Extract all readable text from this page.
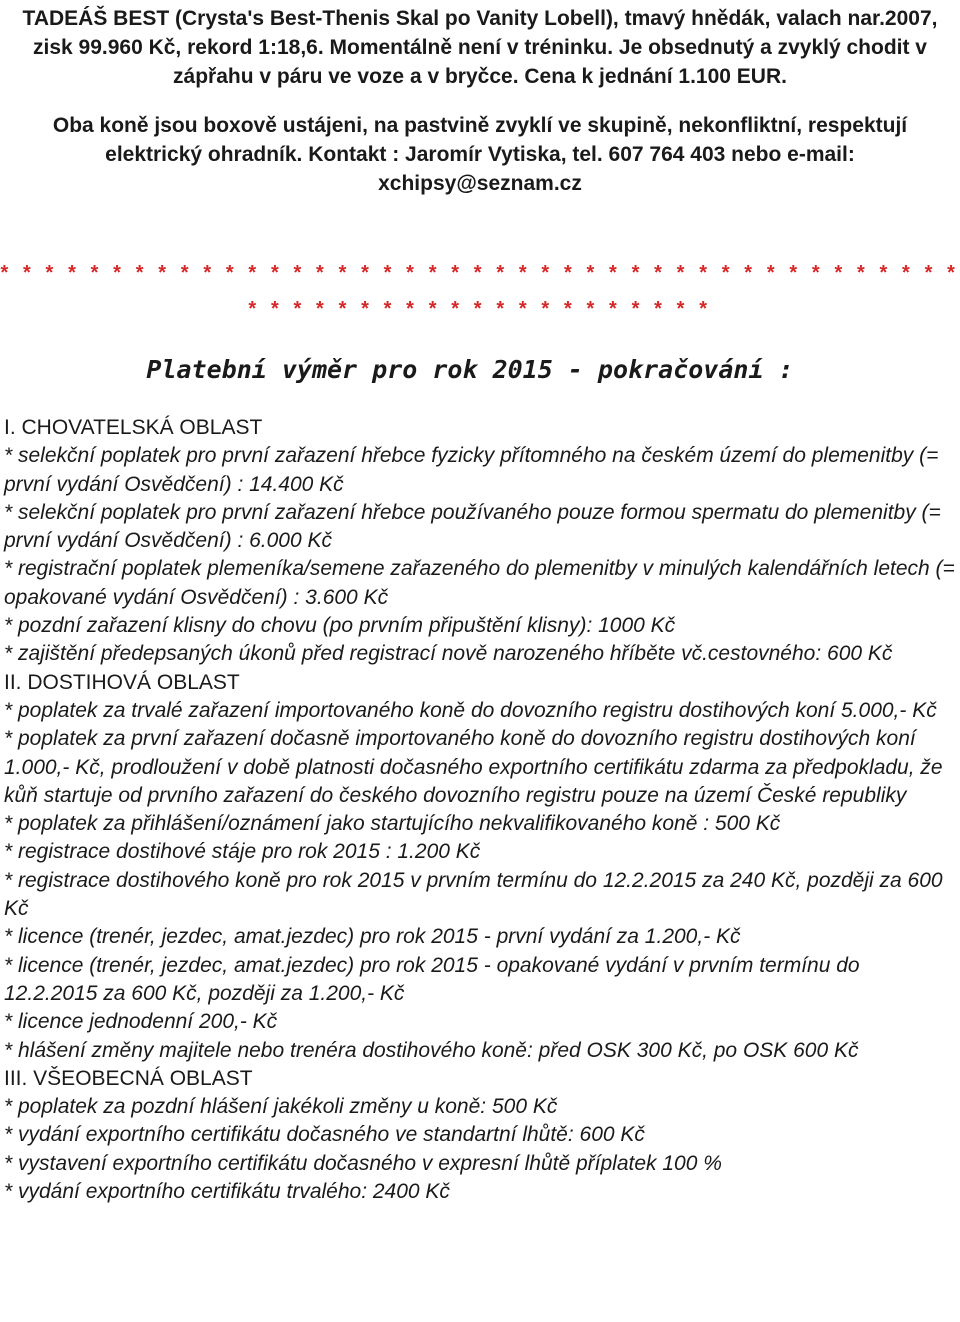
TADEÁŠ BEST (Crysta's Best-Thenis Skal po Vanity Lobell), tmavý hnědák, valach nar.2007, zisk 99.960 Kč, rekord 1:18,6. Momentálně není v tréninku. Je obsednutý a zvyklý chodit v zápřahu v páru ve voze a v bryčce. Cena k jednání 1.100 EUR.

Oba koně jsou boxově ustájeni, na pastvině zvyklí ve skupině, nekonfliktní, respektují elektrický ohradník. Kontakt : Jaromír Vytiska, tel. 607 764 403 nebo e-mail: xchipsy@seznam.cz

* * * * * * * * * * * * * * * * * * * * * * * * * * * * * * * * * * * * * * * * * * * * * * * * * * * * * * * * * * * * * * * *
Platební výměr pro rok 2015 - pokračování :

I. CHOVATELSKÁ OBLAST

* selekční poplatek pro první zařazení hřebce fyzicky přítomného na českém území do plemenitby (= první vydání Osvědčení) : 14.400 Kč

* selekční poplatek pro první zařazení hřebce používaného pouze formou spermatu do plemenitby (= první vydání Osvědčení) : 6.000 Kč

* registrační poplatek plemeníka/semene zařazeného do plemenitby v minulých kalendářních letech (= opakované vydání Osvědčení) : 3.600 Kč

* pozdní zařazení klisny do chovu (po prvním připuštění klisny): 1000 Kč

* zajištění předepsaných úkonů před registrací nově narozeného hříběte vč.cestovného: 600 Kč

II. DOSTIHOVÁ OBLAST

* poplatek za trvalé zařazení importovaného koně do dovozního registru dostihových koní 5.000,- Kč

* poplatek za první zařazení dočasně importovaného koně do dovozního registru dostihových koní 1.000,- Kč, prodloužení v době platnosti dočasného exportního certifikátu zdarma za předpokladu, že kůň startuje od prvního zařazení do českého dovozního registru pouze na území České republiky

* poplatek za přihlášení/oznámení jako startujícího nekvalifikovaného koně : 500 Kč

* registrace dostihové stáje pro rok 2015 : 1.200 Kč

* registrace dostihového koně pro rok 2015 v prvním termínu do 12.2.2015 za 240 Kč, později za 600 Kč

* licence (trenér, jezdec, amat.jezdec) pro rok 2015 - první vydání za 1.200,- Kč

* licence (trenér, jezdec, amat.jezdec) pro rok 2015 - opakované vydání v prvním termínu do 12.2.2015 za 600 Kč, později za 1.200,- Kč

* licence jednodenní 200,- Kč

* hlášení změny majitele nebo trenéra dostihového koně: před OSK 300 Kč, po OSK 600 Kč

III. VŠEOBECNÁ OBLAST

* poplatek za pozdní hlášení jakékoli změny u koně: 500 Kč

* vydání exportního certifikátu dočasného ve standartní lhůtě: 600 Kč

* vystavení exportního certifikátu dočasného v expresní lhůtě příplatek 100 %

* vydání exportního certifikátu trvalého: 2400 Kč
